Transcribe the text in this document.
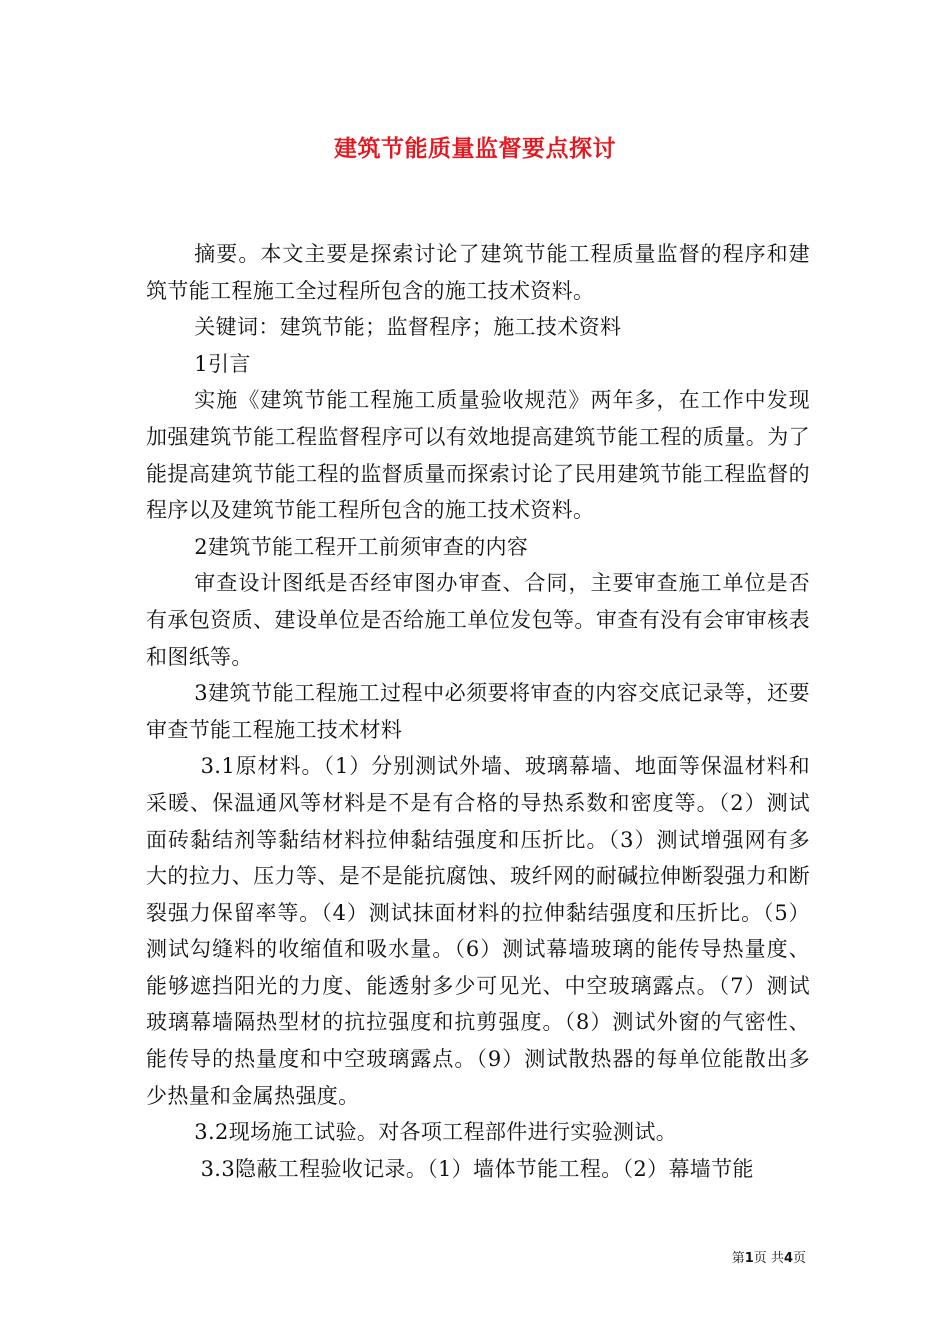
建筑节能质量监督要点探讨

摘要。本文主要是探索讨论了建筑节能工程质量监督的程序和建筑节能工程施工全过程所包含的施工技术资料。

关键词：建筑节能；监督程序；施工技术资料

1引言

实施《建筑节能工程施工质量验收规范》两年多，在工作中发现加强建筑节能工程监督程序可以有效地提高建筑节能工程的质量。为了能提高建筑节能工程的监督质量而探索讨论了民用建筑节能工程监督的程序以及建筑节能工程所包含的施工技术资料。

2建筑节能工程开工前须审查的内容

审查设计图纸是否经审图办审查、合同，主要审查施工单位是否有承包资质、建设单位是否给施工单位发包等。审查有没有会审审核表和图纸等。

3建筑节能工程施工过程中必须要将审查的内容交底记录等，还要审查节能工程施工技术材料

3.1原材料。（1）分别测试外墙、玻璃幕墙、地面等保温材料和采暖、保温通风等材料是不是有合格的导热系数和密度等。（2）测试面砖黏结剂等黏结材料拉伸黏结强度和压折比。（3）测试增强网有多大的拉力、压力等、是不是能抗腐蚀、玻纤网的耐碱拉伸断裂强力和断裂强力保留率等。（4）测试抹面材料的拉伸黏结强度和压折比。（5）测试勾缝料的收缩值和吸水量。（6）测试幕墙玻璃的能传导热量度、能够遮挡阳光的力度、能透射多少可见光、中空玻璃露点。（7）测试玻璃幕墙隔热型材的抗拉强度和抗剪强度。（8）测试外窗的气密性、能传导的热量度和中空玻璃露点。（9）测试散热器的每单位能散出多少热量和金属热强度。

3.2现场施工试验。对各项工程部件进行实验测试。

3.3隐蔽工程验收记录。（1）墙体节能工程。（2）幕墙节能

第1页 共4页
